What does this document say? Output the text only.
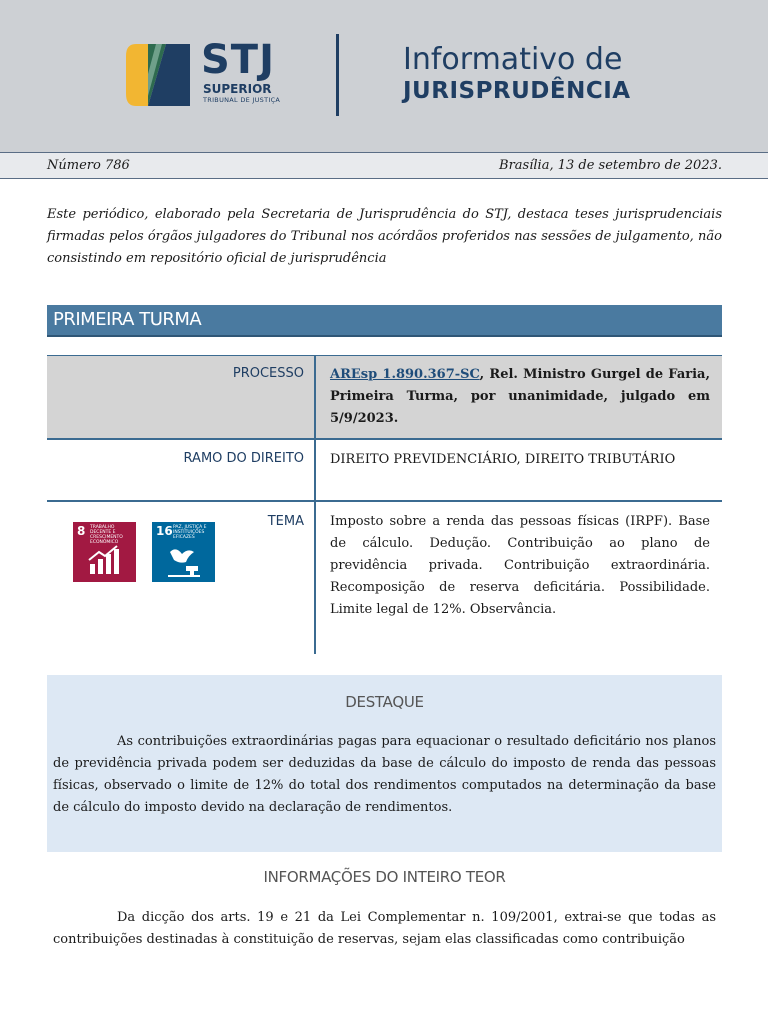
STJ
SUPERIOR
TRIBUNAL DE JUSTIÇA
Informativo de
JURISPRUDÊNCIA
Número 786	Brasília, 13 de setembro de 2023.

Este periódico, elaborado pela Secretaria de Jurisprudência do STJ, destaca teses jurisprudenciais firmadas pelos órgãos julgadores do Tribunal nos acórdãos proferidos nas sessões de julgamento, não consistindo em repositório oficial de jurisprudência

PRIMEIRA TURMA
PROCESSO AREsp 1.890.367-SC, Rel. Ministro Gurgel de Faria, Primeira Turma, por unanimidade, julgado em 5/9/2023.
RAMO DO DIREITO DIREITO PREVIDENCIÁRIO, DIREITO TRIBUTÁRIO
TEMA Imposto sobre a renda das pessoas físicas (IRPF). Base de cálculo. Dedução. Contribuição ao plano de previdência privada. Contribuição extraordinária. Recomposição de reserva deficitária. Possibilidade. Limite legal de 12%. Observância.
8 TRABALHO DECENTE E CRESCIMENTO ECONÔMICO
16 PAZ, JUSTIÇA E INSTITUIÇÕES EFICAZES
DESTAQUE

As contribuições extraordinárias pagas para equacionar o resultado deficitário nos planos de previdência privada podem ser deduzidas da base de cálculo do imposto de renda das pessoas físicas, observado o limite de 12% do total dos rendimentos computados na determinação da base de cálculo do imposto devido na declaração de rendimentos.

INFORMAÇÕES DO INTEIRO TEOR

Da dicção dos arts. 19 e 21 da Lei Complementar n. 109/2001, extrai-se que todas as contribuições destinadas à constituição de reservas, sejam elas classificadas como contribuição
